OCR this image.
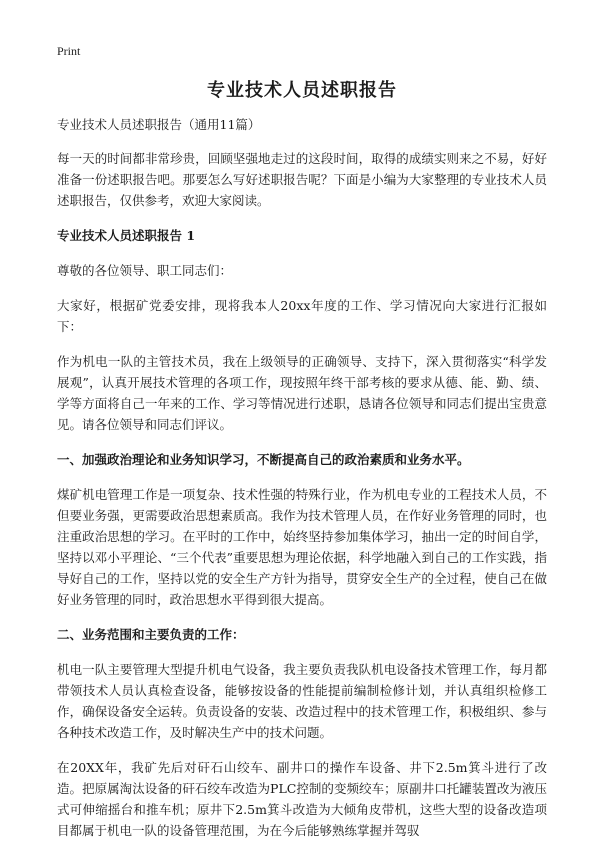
Print
专业技术人员述职报告
专业技术人员述职报告（通用11篇）
每一天的时间都非常珍贵，回顾坚强地走过的这段时间，取得的成绩实则来之不易，好好准备一份述职报告吧。那要怎么写好述职报告呢？下面是小编为大家整理的专业技术人员述职报告，仅供参考，欢迎大家阅读。
专业技术人员述职报告 1
尊敬的各位领导、职工同志们：
大家好，根据矿党委安排，现将我本人20xx年度的工作、学习情况向大家进行汇报如下：
作为机电一队的主管技术员，我在上级领导的正确领导、支持下，深入贯彻落实“科学发展观”，认真开展技术管理的各项工作，现按照年终干部考核的要求从德、能、勤、绩、学等方面将自己一年来的工作、学习等情况进行述职，恳请各位领导和同志们提出宝贵意见。请各位领导和同志们评议。
一、加强政治理论和业务知识学习，不断提高自己的政治素质和业务水平。
煤矿机电管理工作是一项复杂、技术性强的特殊行业，作为机电专业的工程技术人员，不但要业务强，更需要政治思想素质高。我作为技术管理人员，在作好业务管理的同时，也注重政治思想的学习。在平时的工作中，始终坚持参加集体学习，抽出一定的时间自学，坚持以邓小平理论、“三个代表”重要思想为理论依据，科学地融入到自己的工作实践，指导好自己的工作，坚持以党的安全生产方针为指导，贯穿安全生产的全过程，使自己在做好业务管理的同时，政治思想水平得到很大提高。
二、业务范围和主要负责的工作：
机电一队主要管理大型提升机电气设备，我主要负责我队机电设备技术管理工作，每月都带领技术人员认真检查设备，能够按设备的性能提前编制检修计划，并认真组织检修工作，确保设备安全运转。负责设备的安装、改造过程中的技术管理工作，积极组织、参与各种技术改造工作，及时解决生产中的技术问题。
在20XX年，我矿先后对矸石山绞车、副井口的操作车设备、井下2.5m箕斗进行了改造。把原属淘汰设备的矸石绞车改造为PLC控制的变频绞车；原副井口托罐装置改为液压式可伸缩摇台和推车机；原井下2.5m箕斗改造为大倾角皮带机，这些大型的设备改造项目都属于机电一队的设备管理范围，为在今后能够熟练掌握并驾驭
